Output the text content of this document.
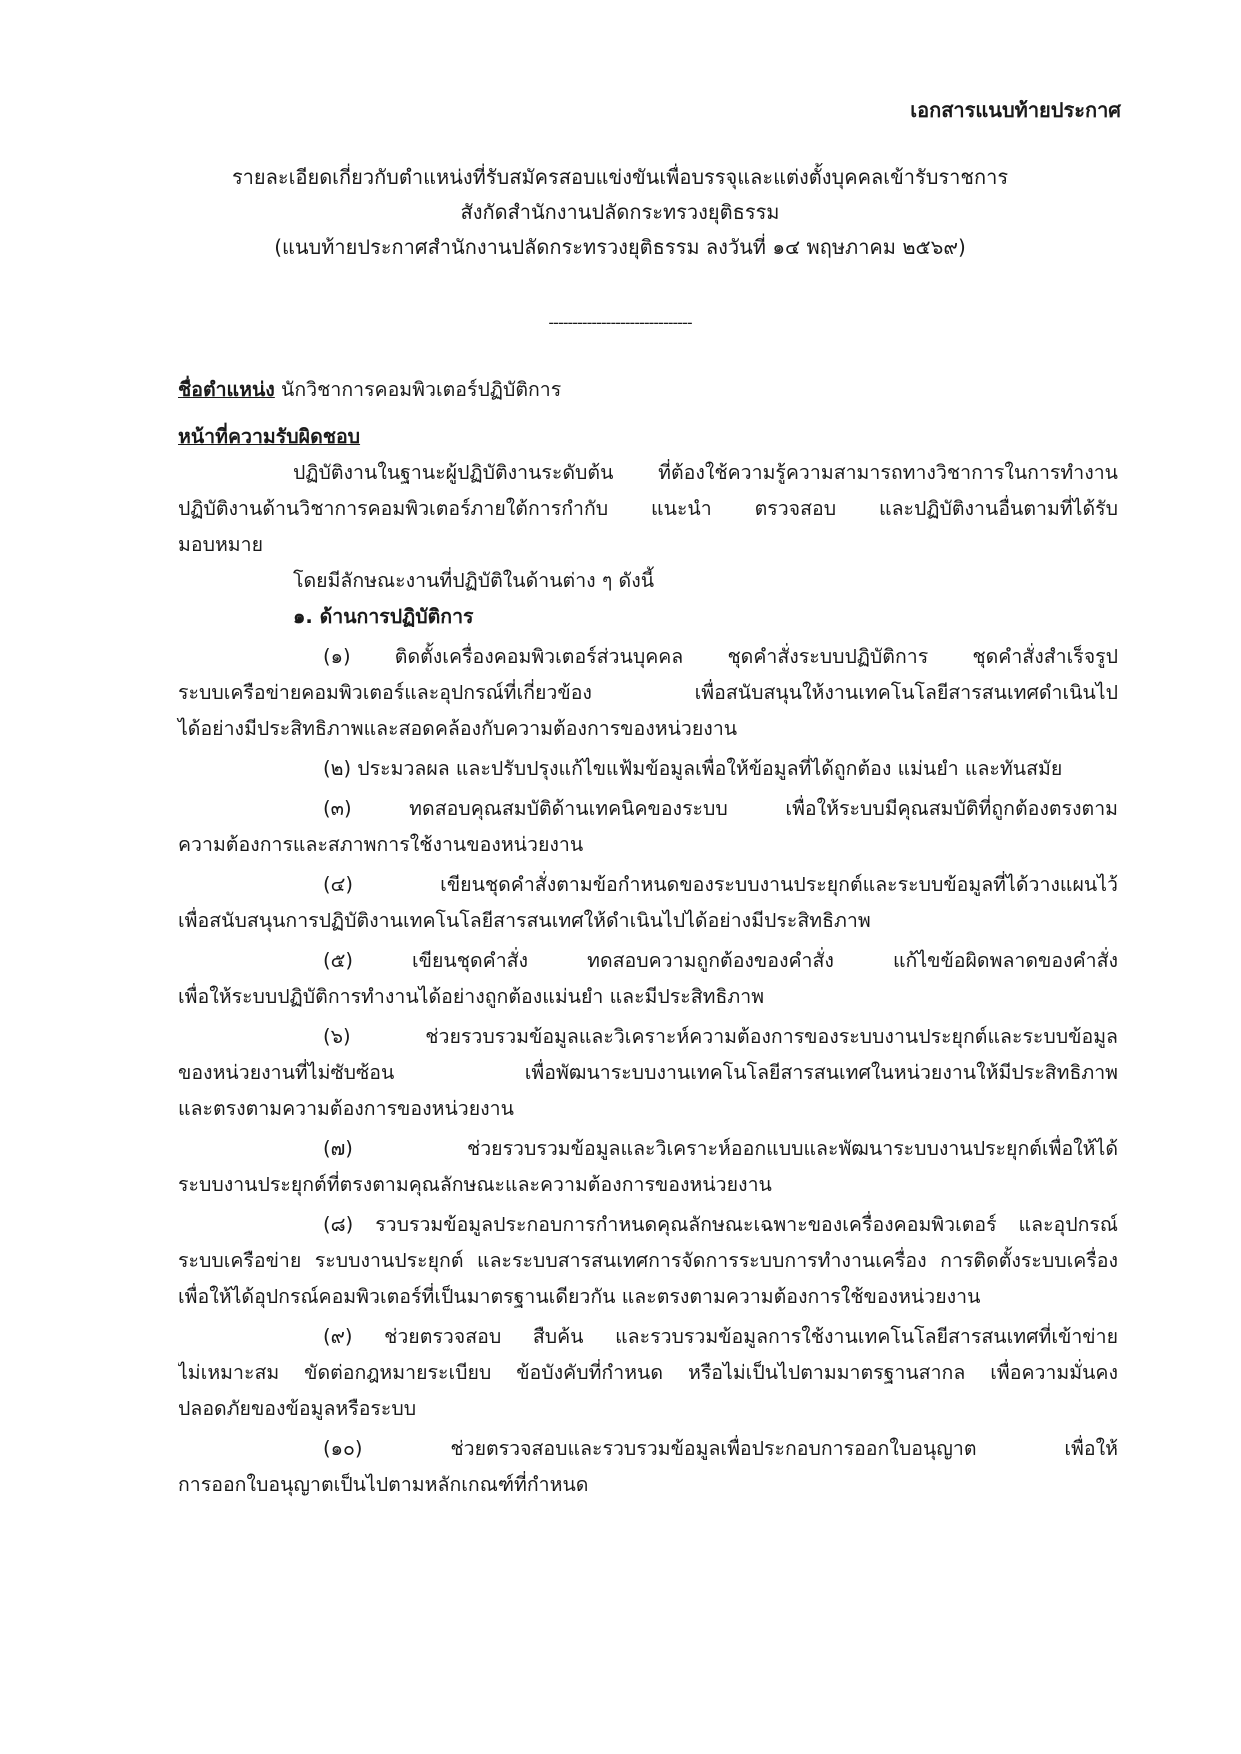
เอกสารแนบท้ายประกาศ
รายละเอียดเกี่ยวกับตำแหน่งที่รับสมัครสอบแข่งขันเพื่อบรรจุและแต่งตั้งบุคคลเข้ารับราชการ
สังกัดสำนักงานปลัดกระทรวงยุติธรรม
(แนบท้ายประกาศสำนักงานปลัดกระทรวงยุติธรรม ลงวันที่ ๑๔ พฤษภาคม ๒๕๖๙)
------------------------------
ชื่อตำแหน่ง นักวิชาการคอมพิวเตอร์ปฏิบัติการ
หน้าที่ความรับผิดชอบ
ปฏิบัติงานในฐานะผู้ปฏิบัติงานระดับต้น ที่ต้องใช้ความรู้ความสามารถทางวิชาการในการทำงาน
ปฏิบัติงานด้านวิชาการคอมพิวเตอร์ภายใต้การกำกับ แนะนำ ตรวจสอบ และปฏิบัติงานอื่นตามที่ได้รับ
มอบหมาย
โดยมีลักษณะงานที่ปฏิบัติในด้านต่าง ๆ ดังนี้
๑. ด้านการปฏิบัติการ
(๑) ติดตั้งเครื่องคอมพิวเตอร์ส่วนบุคคล ชุดคำสั่งระบบปฏิบัติการ ชุดคำสั่งสำเร็จรูป
ระบบเครือข่ายคอมพิวเตอร์และอุปกรณ์ที่เกี่ยวข้อง เพื่อสนับสนุนให้งานเทคโนโลยีสารสนเทศดำเนินไป
ได้อย่างมีประสิทธิภาพและสอดคล้องกับความต้องการของหน่วยงาน
(๒) ประมวลผล และปรับปรุงแก้ไขแฟ้มข้อมูลเพื่อให้ข้อมูลที่ได้ถูกต้อง แม่นยำ และทันสมัย
(๓) ทดสอบคุณสมบัติด้านเทคนิคของระบบ เพื่อให้ระบบมีคุณสมบัติที่ถูกต้องตรงตาม
ความต้องการและสภาพการใช้งานของหน่วยงาน
(๔) เขียนชุดคำสั่งตามข้อกำหนดของระบบงานประยุกต์และระบบข้อมูลที่ได้วางแผนไว้
เพื่อสนับสนุนการปฏิบัติงานเทคโนโลยีสารสนเทศให้ดำเนินไปได้อย่างมีประสิทธิภาพ
(๕) เขียนชุดคำสั่ง ทดสอบความถูกต้องของคำสั่ง แก้ไขข้อผิดพลาดของคำสั่ง
เพื่อให้ระบบปฏิบัติการทำงานได้อย่างถูกต้องแม่นยำ และมีประสิทธิภาพ
(๖) ช่วยรวบรวมข้อมูลและวิเคราะห์ความต้องการของระบบงานประยุกต์และระบบข้อมูล
ของหน่วยงานที่ไม่ซับซ้อน เพื่อพัฒนาระบบงานเทคโนโลยีสารสนเทศในหน่วยงานให้มีประสิทธิภาพ
และตรงตามความต้องการของหน่วยงาน
(๗) ช่วยรวบรวมข้อมูลและวิเคราะห์ออกแบบและพัฒนาระบบงานประยุกต์เพื่อให้ได้
ระบบงานประยุกต์ที่ตรงตามคุณลักษณะและความต้องการของหน่วยงาน
(๘) รวบรวมข้อมูลประกอบการกำหนดคุณลักษณะเฉพาะของเครื่องคอมพิวเตอร์ และอุปกรณ์
ระบบเครือข่าย ระบบงานประยุกต์ และระบบสารสนเทศการจัดการระบบการทำงานเครื่อง การติดตั้งระบบเครื่อง
เพื่อให้ได้อุปกรณ์คอมพิวเตอร์ที่เป็นมาตรฐานเดียวกัน และตรงตามความต้องการใช้ของหน่วยงาน
(๙) ช่วยตรวจสอบ สืบค้น และรวบรวมข้อมูลการใช้งานเทคโนโลยีสารสนเทศที่เข้าข่าย
ไม่เหมาะสม ขัดต่อกฎหมายระเบียบ ข้อบังคับที่กำหนด หรือไม่เป็นไปตามมาตรฐานสากล เพื่อความมั่นคง
ปลอดภัยของข้อมูลหรือระบบ
(๑๐) ช่วยตรวจสอบและรวบรวมข้อมูลเพื่อประกอบการออกใบอนุญาต เพื่อให้
การออกใบอนุญาตเป็นไปตามหลักเกณฑ์ที่กำหนด
